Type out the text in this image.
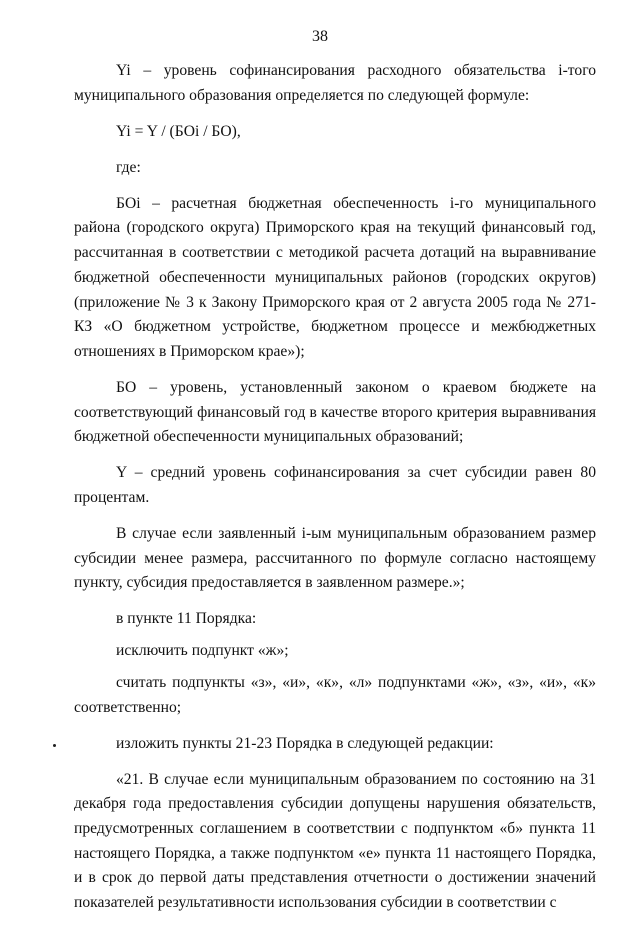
38

Yi – уровень софинансирования расходного обязательства i-того муниципального образования определяется по следующей формуле:

Yi = Y / (БOi / БO),

где:

БOi – расчетная бюджетная обеспеченность i-го муниципального района (городского округа) Приморского края на текущий финансовый год, рассчитанная в соответствии с методикой расчета дотаций на выравнивание бюджетной обеспеченности муниципальных районов (городских округов) (приложение № 3 к Закону Приморского края от 2 августа 2005 года № 271-КЗ «О бюджетном устройстве, бюджетном процессе и межбюджетных отношениях в Приморском крае»);

БO – уровень, установленный законом о краевом бюджете на соответствующий финансовый год в качестве второго критерия выравнивания бюджетной обеспеченности муниципальных образований;

Y – средний уровень софинансирования за счет субсидии равен 80 процентам.

В случае если заявленный i-ым муниципальным образованием размер субсидии менее размера, рассчитанного по формуле согласно настоящему пункту, субсидия предоставляется в заявленном размере.»;

в пункте 11 Порядка:

исключить подпункт «ж»;

считать подпункты «з», «и», «к», «л» подпунктами «ж», «з», «и», «к» соответственно;

изложить пункты 21-23 Порядка в следующей редакции:

«21. В случае если муниципальным образованием по состоянию на 31 декабря года предоставления субсидии допущены нарушения обязательств, предусмотренных соглашением в соответствии с подпунктом «б» пункта 11 настоящего Порядка, а также подпунктом «е» пункта 11 настоящего Порядка, и в срок до первой даты представления отчетности о достижении значений показателей результативности использования субсидии в соответствии с
